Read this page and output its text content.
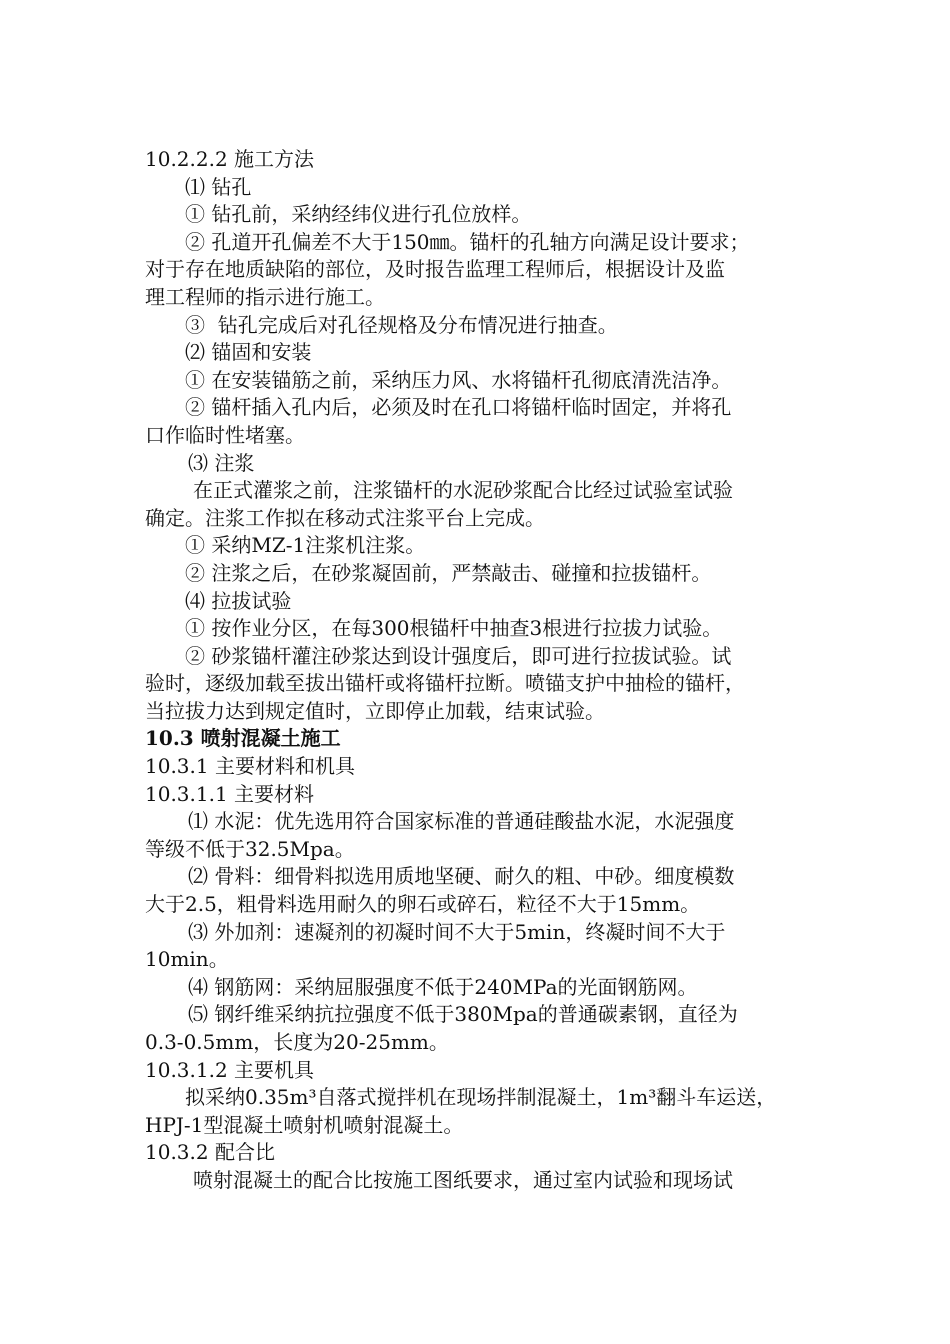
10.2.2.2 施工方法
⑴ 钻孔
① 钻孔前，采纳经纬仪进行孔位放样。
② 孔道开孔偏差不大于150㎜。锚杆的孔轴方向满足设计要求；
对于存在地质缺陷的部位，及时报告监理工程师后，根据设计及监
理工程师的指示进行施工。
③  钻孔完成后对孔径规格及分布情况进行抽查。
⑵ 锚固和安装
① 在安装锚筋之前，采纳压力风、水将锚杆孔彻底清洗洁净。
② 锚杆插入孔内后，必须及时在孔口将锚杆临时固定，并将孔
口作临时性堵塞。
⑶ 注浆
在正式灌浆之前，注浆锚杆的水泥砂浆配合比经过试验室试验
确定。注浆工作拟在移动式注浆平台上完成。
① 采纳MZ-1注浆机注浆。
② 注浆之后，在砂浆凝固前，严禁敲击、碰撞和拉拔锚杆。
⑷ 拉拔试验
① 按作业分区，在每300根锚杆中抽查3根进行拉拔力试验。
② 砂浆锚杆灌注砂浆达到设计强度后，即可进行拉拔试验。试
验时，逐级加载至拔出锚杆或将锚杆拉断。喷锚支护中抽检的锚杆，
当拉拔力达到规定值时，立即停止加载，结束试验。
10.3 喷射混凝土施工
10.3.1 主要材料和机具
10.3.1.1 主要材料
⑴ 水泥：优先选用符合国家标准的普通硅酸盐水泥，水泥强度
等级不低于32.5Mpa。
⑵ 骨料：细骨料拟选用质地坚硬、耐久的粗、中砂。细度模数
大于2.5，粗骨料选用耐久的卵石或碎石，粒径不大于15mm。
⑶ 外加剂：速凝剂的初凝时间不大于5min，终凝时间不大于
10min。
⑷ 钢筋网：采纳屈服强度不低于240MPa的光面钢筋网。
⑸ 钢纤维采纳抗拉强度不低于380Mpa的普通碳素钢，直径为
0.3-0.5mm，长度为20-25mm。
10.3.1.2 主要机具
拟采纳0.35m³自落式搅拌机在现场拌制混凝土，1m³翻斗车运送，
HPJ-1型混凝土喷射机喷射混凝土。
10.3.2 配合比
喷射混凝土的配合比按施工图纸要求，通过室内试验和现场试
